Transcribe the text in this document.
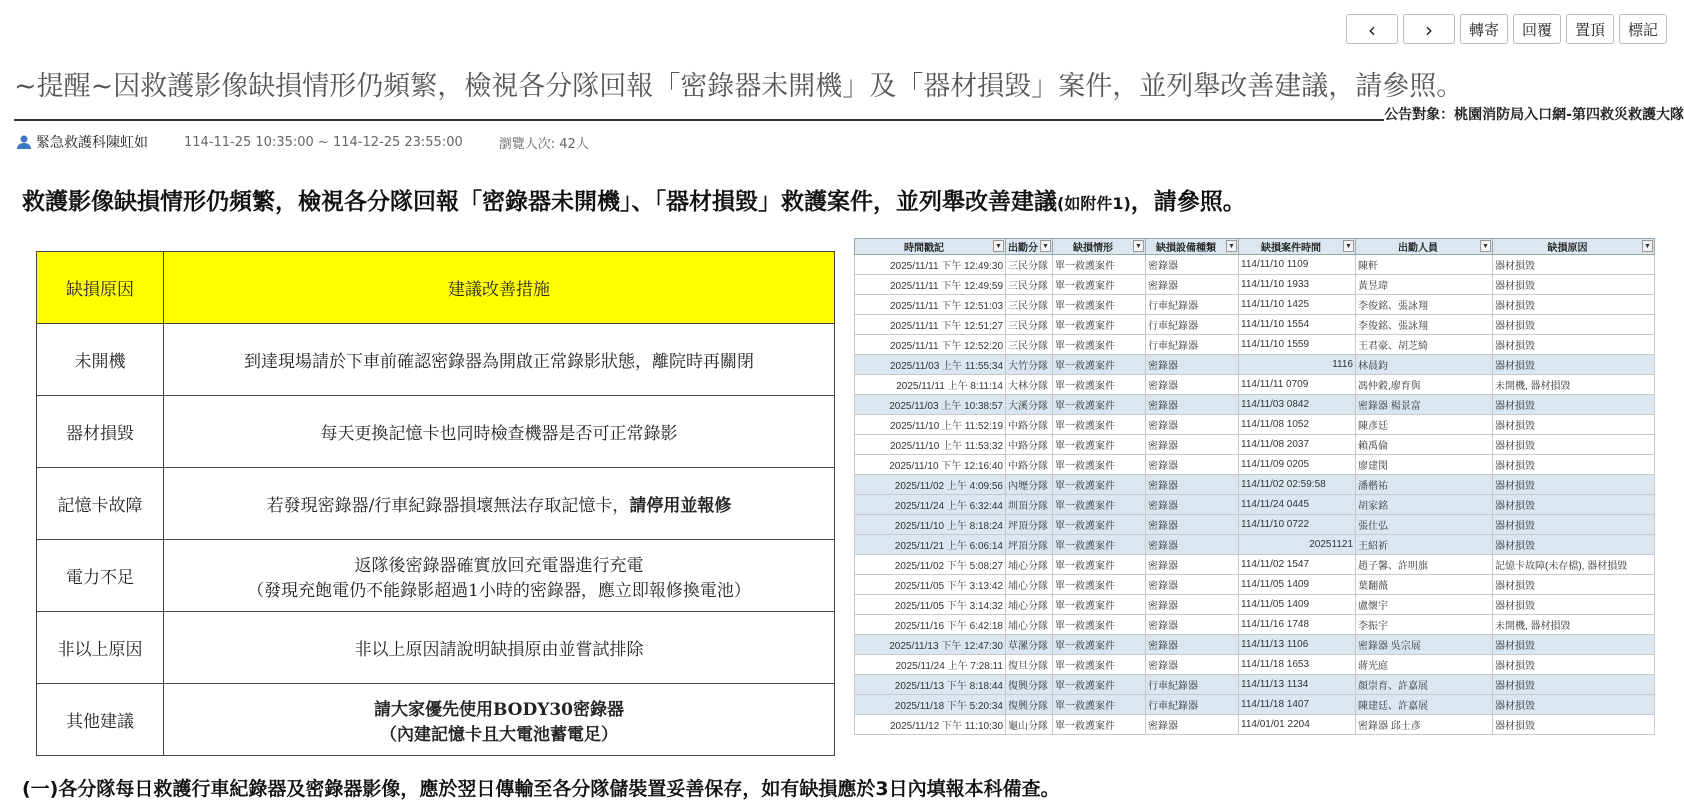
‹	›	轉寄	回覆	置頂	標記
~提醒~因救護影像缺損情形仍頻繁，檢視各分隊回報「密錄器未開機」及「器材損毀」案件，並列舉改善建議，請參照。
公告對象：桃園消防局入口網-第四救災救護大隊
緊急救護科陳虹如	114-11-25 10:35:00 ~ 114-12-25 23:55:00	瀏覽人次: 42人
救護影像缺損情形仍頻繁，檢視各分隊回報「密錄器未開機」、「器材損毀」救護案件，並列舉改善建議(如附件1)，請參照。
缺損原因	建議改善措施
未開機	到達現場請於下車前確認密錄器為開啟正常錄影狀態，離院時再關閉
器材損毀	每天更換記憶卡也同時檢查機器是否可正常錄影
記憶卡故障	若發現密錄器/行車紀錄器損壞無法存取記憶卡，請停用並報修
電力不足	返隊後密錄器確實放回充電器進行充電
（發現充飽電仍不能錄影超過1小時的密錄器，應立即報修換電池）

非以上原因	非以上原因請說明缺損原由並嘗試排除
其他建議	請大家優先使用BODY30密錄器
（內建記憶卡且大電池蓄電足）
時間戳記 ▼	出勤分 ▼	缺損情形 ▼	缺損設備種類 ▼	缺損案件時間 ▼	出勤人員 ▼	缺損原因 ▼

2025/11/11 下午 12:49:30	三民分隊	單一救護案件	密錄器	114/11/10 1109	陳軒	器材損毀
2025/11/11 下午 12:49:59	三民分隊	單一救護案件	密錄器	114/11/10 1933	黃昱瑋	器材損毀
2025/11/11 下午 12:51:03	三民分隊	單一救護案件	行車紀錄器	114/11/10 1425	李俊銘、張詠翔	器材損毀
2025/11/11 下午 12:51:27	三民分隊	單一救護案件	行車紀錄器	114/11/10 1554	李俊銘、張詠翔	器材損毀
2025/11/11 下午 12:52:20	三民分隊	單一救護案件	行車紀錄器	114/11/10 1559	王君豪、胡芝綺	器材損毀
2025/11/03 上午 11:55:34	大竹分隊	單一救護案件	密錄器	1116	林晨鈞	器材損毀
2025/11/11 上午 8:11:14	大林分隊	單一救護案件	密錄器	114/11/11 0709	馮仲穀,廖育與	未開機, 器材損毀
2025/11/03 上午 10:38:57	大溪分隊	單一救護案件	密錄器	114/11/03 0842	密錄器 楊景富	器材損毀
2025/11/10 上午 11:52:19	中路分隊	單一救護案件	密錄器	114/11/08 1052	陳彥廷	器材損毀
2025/11/10 上午 11:53:32	中路分隊	單一救護案件	密錄器	114/11/08 2037	賴禹倫	器材損毀
2025/11/10 下午 12:16:40	中路分隊	單一救護案件	密錄器	114/11/09 0205	廖建閔	器材損毀
2025/11/02 上午 4:09:56	內壢分隊	單一救護案件	密錄器	114/11/02 02:59:58	潘楷祐	器材損毀
2025/11/24 上午 6:32:44	圳頂分隊	單一救護案件	密錄器	114/11/24 0445	胡家銘	器材損毀
2025/11/10 上午 8:18:24	坪頂分隊	單一救護案件	密錄器	114/11/10 0722	張仕弘	器材損毀
2025/11/21 上午 6:06:14	坪頂分隊	單一救護案件	密錄器	20251121	王紹祈	器材損毀
2025/11/02 下午 5:08:27	埔心分隊	單一救護案件	密錄器	114/11/02 1547	趙子馨、許明旗	記憶卡故障(未存檔), 器材損毀
2025/11/05 下午 3:13:42	埔心分隊	單一救護案件	密錄器	114/11/05 1409	葉翻薇	器材損毀
2025/11/05 下午 3:14:32	埔心分隊	單一救護案件	密錄器	114/11/05 1409	盧懷宇	器材損毀
2025/11/16 下午 6:42:18	埔心分隊	單一救護案件	密錄器	114/11/16 1748	李振宇	未開機, 器材損毀
2025/11/13 下午 12:47:30	草漯分隊	單一救護案件	密錄器	114/11/13 1106	密錄器 吳宗展	器材損毀
2025/11/24 上午 7:28:11	復旦分隊	單一救護案件	密錄器	114/11/18 1653	蔣光庭	器材損毀
2025/11/13 下午 8:18:44	復興分隊	單一救護案件	行車紀錄器	114/11/13 1134	顏崇育、許嘉展	器材損毀
2025/11/18 下午 5:20:34	復興分隊	單一救護案件	行車紀錄器	114/11/18 1407	陳建廷、許嘉展	器材損毀
2025/11/12 下午 11:10:30	龜山分隊	單一救護案件	密錄器	114/01/01 2204	密錄器 邱士彥	器材損毀
(一)各分隊每日救護行車紀錄器及密錄器影像，應於翌日傳輸至各分隊儲裝置妥善保存，如有缺損應於3日內填報本科備查。
